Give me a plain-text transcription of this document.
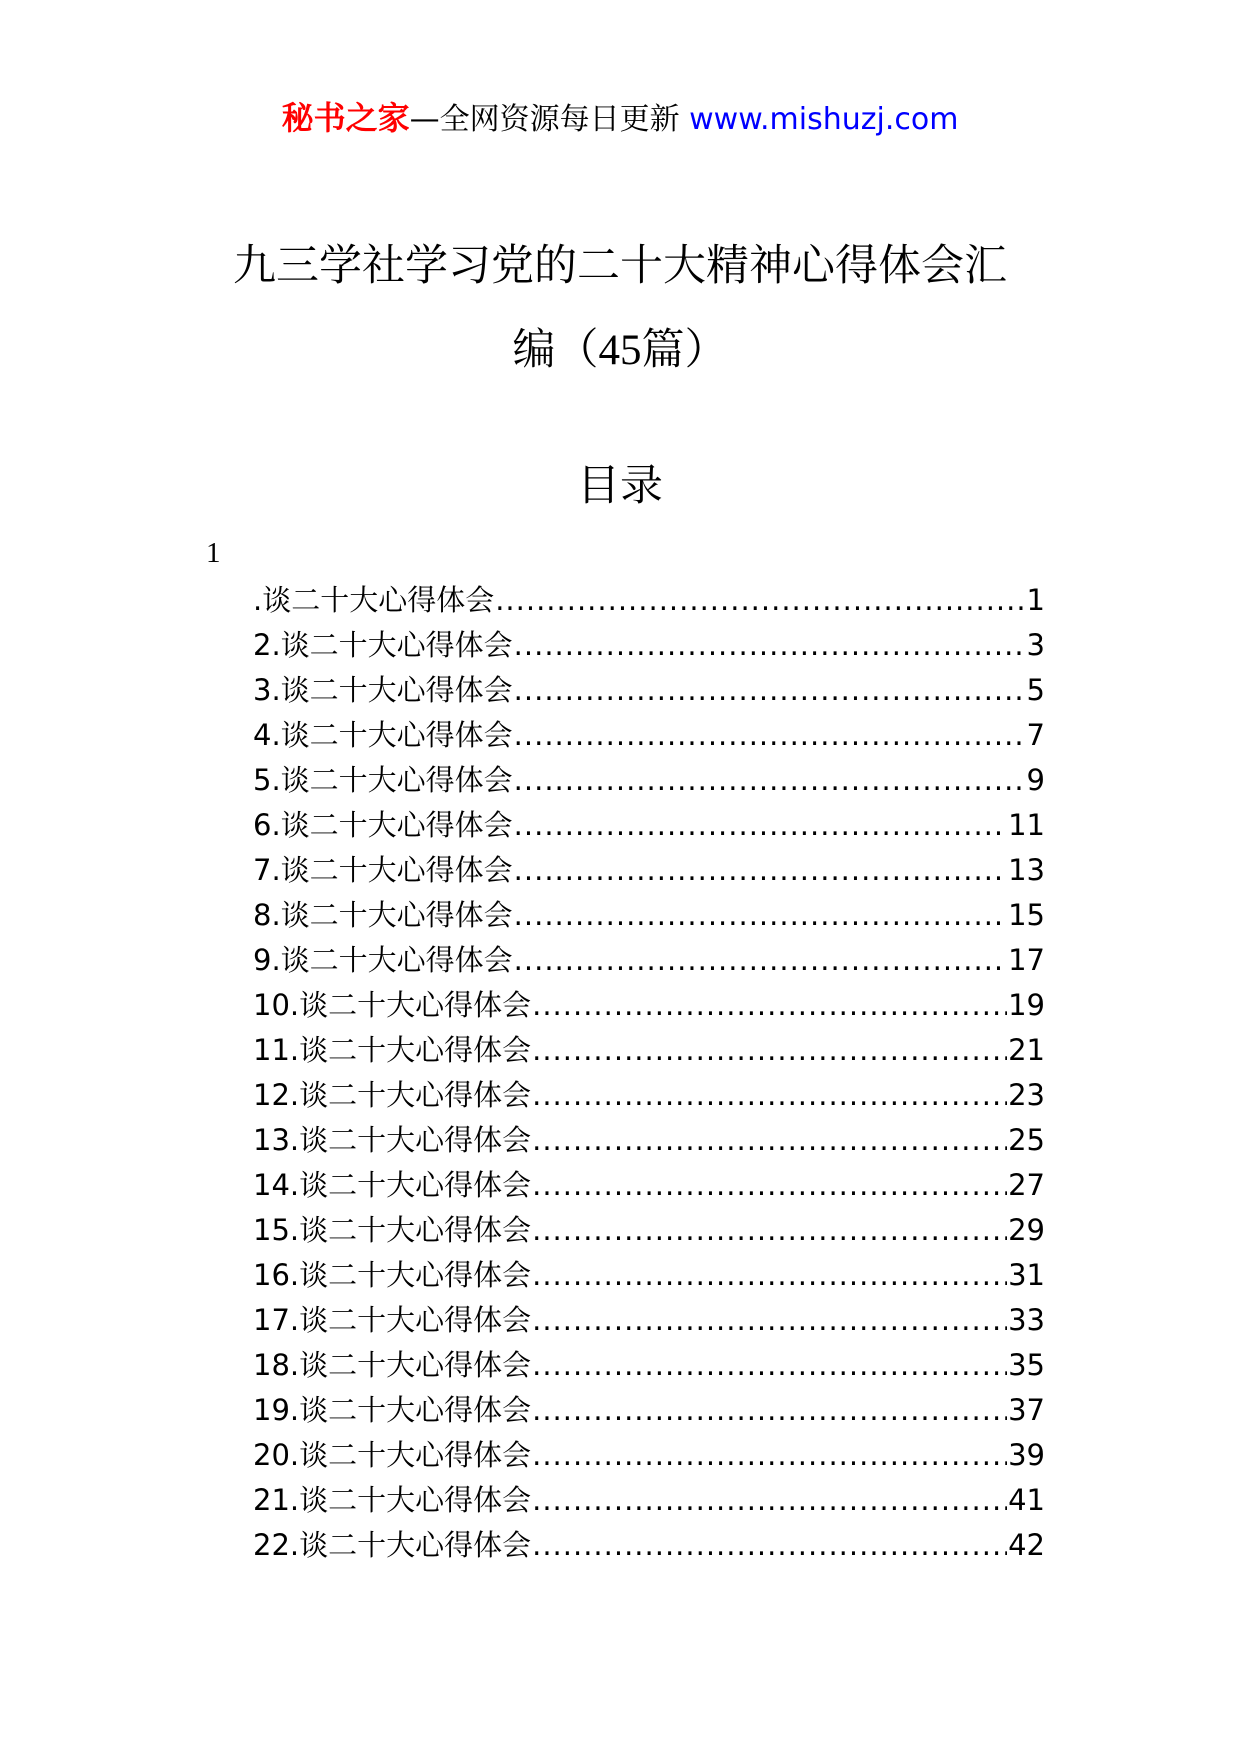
秘书之家—全网资源每日更新 www.mishuzj.com
九三学社学习党的二十大精神心得体会汇
编（45篇）
目录
1
.谈二十大心得体会 .....	1
2.谈二十大心得体会 .....	3
3.谈二十大心得体会 .....	5
4.谈二十大心得体会 .....	7
5.谈二十大心得体会 .....	9
6.谈二十大心得体会 .....	11
7.谈二十大心得体会 .....	13
8.谈二十大心得体会 .....	15
9.谈二十大心得体会 .....	17
10.谈二十大心得体会 .....	19
11.谈二十大心得体会 .....	21
12.谈二十大心得体会 .....	23
13.谈二十大心得体会 .....	25
14.谈二十大心得体会 .....	27
15.谈二十大心得体会 .....	29
16.谈二十大心得体会 .....	31
17.谈二十大心得体会 .....	33
18.谈二十大心得体会 .....	35
19.谈二十大心得体会 .....	37
20.谈二十大心得体会 .....	39
21.谈二十大心得体会 .....	41
22.谈二十大心得体会 .....	42
